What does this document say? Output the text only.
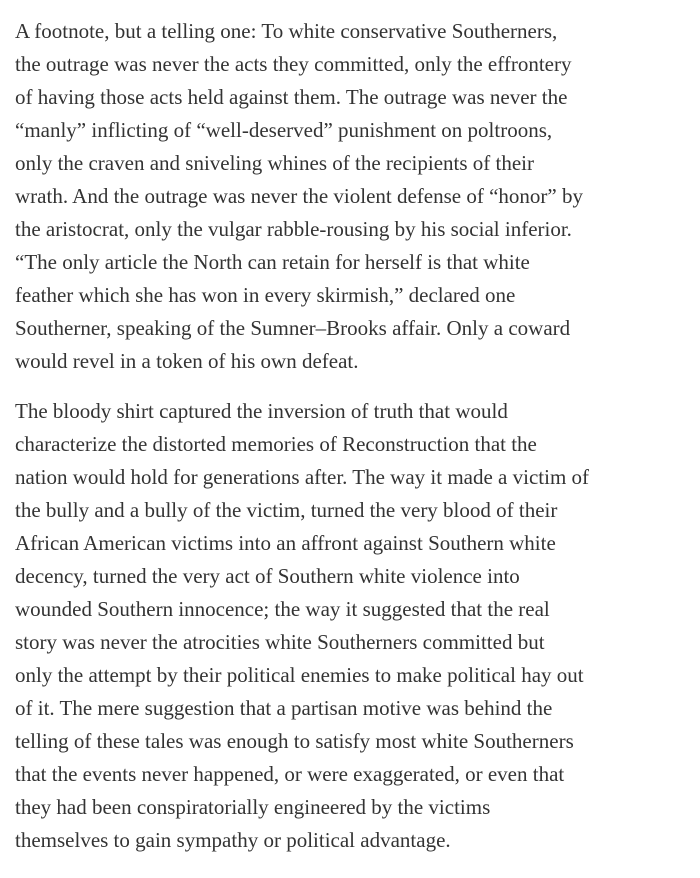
A footnote, but a telling one: To white conservative Southerners,
the outrage was never the acts they committed, only the effrontery
of having those acts held against them. The outrage was never the
“manly” inflicting of “well-deserved” punishment on poltroons,
only the craven and sniveling whines of the recipients of their
wrath. And the outrage was never the violent defense of “honor” by
the aristocrat, only the vulgar rabble-rousing by his social inferior.
“The only article the North can retain for herself is that white
feather which she has won in every skirmish,” declared one
Southerner, speaking of the Sumner–Brooks affair. Only a coward
would revel in a token of his own defeat.

The bloody shirt captured the inversion of truth that would
characterize the distorted memories of Reconstruction that the
nation would hold for generations after. The way it made a victim of
the bully and a bully of the victim, turned the very blood of their
African American victims into an affront against Southern white
decency, turned the very act of Southern white violence into
wounded Southern innocence; the way it suggested that the real
story was never the atrocities white Southerners committed but
only the attempt by their political enemies to make political hay out
of it. The mere suggestion that a partisan motive was behind the
telling of these tales was enough to satisfy most white Southerners
that the events never happened, or were exaggerated, or even that
they had been conspiratorially engineered by the victims
themselves to gain sympathy or political advantage.
